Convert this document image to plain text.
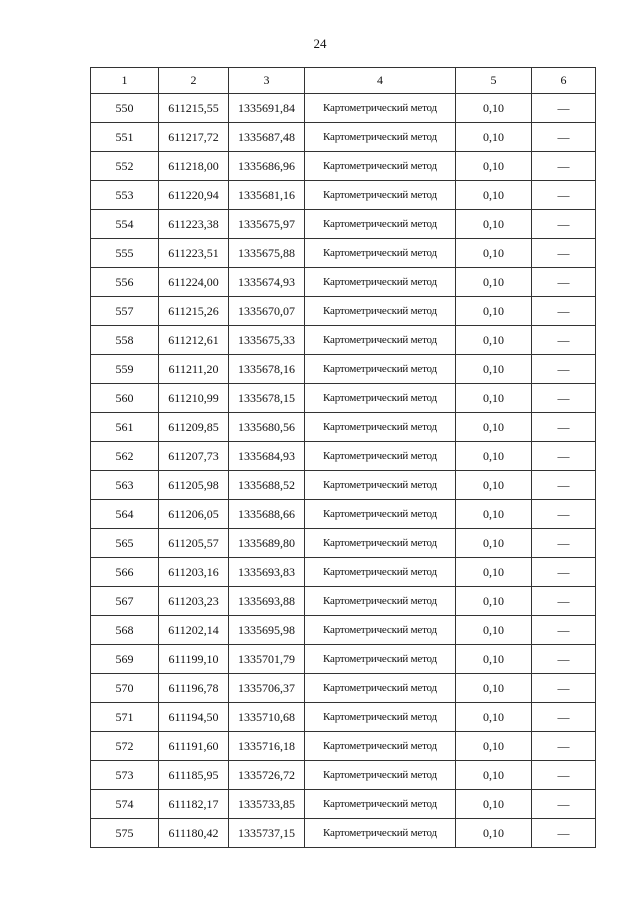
24
1	2	3	4	5	6
550	611215,55	1335691,84	Картометрический метод	0,10	—
551	611217,72	1335687,48	Картометрический метод	0,10	—
552	611218,00	1335686,96	Картометрический метод	0,10	—
553	611220,94	1335681,16	Картометрический метод	0,10	—
554	611223,38	1335675,97	Картометрический метод	0,10	—
555	611223,51	1335675,88	Картометрический метод	0,10	—
556	611224,00	1335674,93	Картометрический метод	0,10	—
557	611215,26	1335670,07	Картометрический метод	0,10	—
558	611212,61	1335675,33	Картометрический метод	0,10	—
559	611211,20	1335678,16	Картометрический метод	0,10	—
560	611210,99	1335678,15	Картометрический метод	0,10	—
561	611209,85	1335680,56	Картометрический метод	0,10	—
562	611207,73	1335684,93	Картометрический метод	0,10	—
563	611205,98	1335688,52	Картометрический метод	0,10	—
564	611206,05	1335688,66	Картометрический метод	0,10	—
565	611205,57	1335689,80	Картометрический метод	0,10	—
566	611203,16	1335693,83	Картометрический метод	0,10	—
567	611203,23	1335693,88	Картометрический метод	0,10	—
568	611202,14	1335695,98	Картометрический метод	0,10	—
569	611199,10	1335701,79	Картометрический метод	0,10	—
570	611196,78	1335706,37	Картометрический метод	0,10	—
571	611194,50	1335710,68	Картометрический метод	0,10	—
572	611191,60	1335716,18	Картометрический метод	0,10	—
573	611185,95	1335726,72	Картометрический метод	0,10	—
574	611182,17	1335733,85	Картометрический метод	0,10	—
575	611180,42	1335737,15	Картометрический метод	0,10	—
